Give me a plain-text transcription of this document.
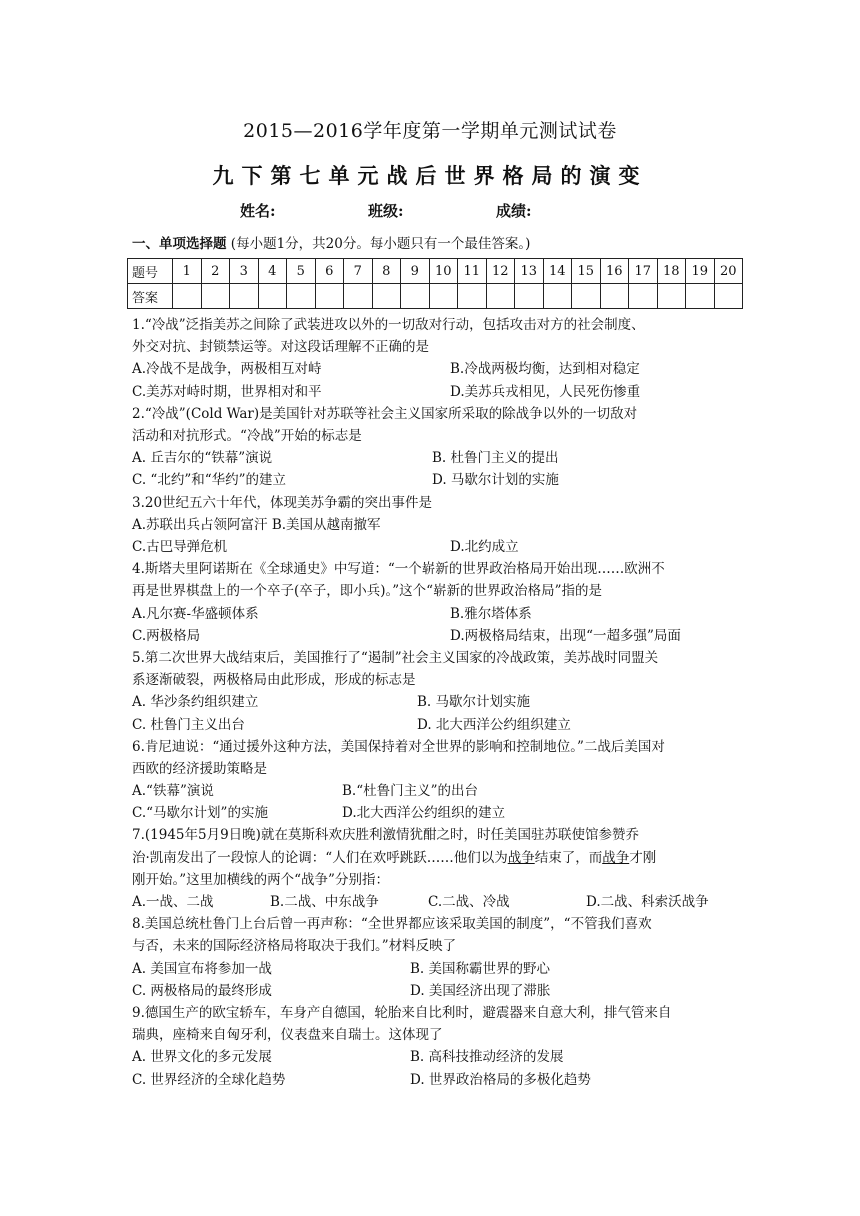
2015—2016学年度第一学期单元测试试卷
九下第七单元战后世界格局的演变
姓名:	班级:	成绩:
一、单项选择题 (每小题1分，共20分。每小题只有一个最佳答案。)
题号	1	2	3	4	5	6	7	8	9	10	11	12	13	14	15	16	17	18	19	20
答案																				

1.“冷战”泛指美苏之间除了武装进攻以外的一切敌对行动，包括攻击对方的社会制度、

外交对抗、封锁禁运等。对这段话理解不正确的是

A.冷战不是战争，两极相互对峙	B.冷战两极均衡，达到相对稳定
C.美苏对峙时期，世界相对和平	D.美苏兵戎相见，人民死伤惨重

2.“冷战”(Cold War)是美国针对苏联等社会主义国家所采取的除战争以外的一切敌对

活动和对抗形式。“冷战”开始的标志是

A. 丘吉尔的“铁幕”演说	B. 杜鲁门主义的提出
C. “北约”和“华约”的建立	D. 马歇尔计划的实施

3.20世纪五六十年代，体现美苏争霸的突出事件是

A.苏联出兵占领阿富汗 B.美国从越南撤军
C.古巴导弹危机	D.北约成立

4.斯塔夫里阿诺斯在《全球通史》中写道：“一个崭新的世界政治格局开始出现……欧洲不

再是世界棋盘上的一个卒子(卒子，即小兵)。”这个“崭新的世界政治格局”指的是

A.凡尔赛-华盛顿体系	B.雅尔塔体系
C.两极格局	D.两极格局结束，出现“一超多强”局面

5.第二次世界大战结束后，美国推行了“遏制”社会主义国家的冷战政策，美苏战时同盟关

系逐渐破裂，两极格局由此形成，形成的标志是

A. 华沙条约组织建立	B. 马歇尔计划实施
C. 杜鲁门主义出台	D. 北大西洋公约组织建立

6.肯尼迪说：“通过援外这种方法，美国保持着对全世界的影响和控制地位。”二战后美国对

西欧的经济援助策略是

A.“铁幕”演说	B.“杜鲁门主义”的出台
C.“马歇尔计划”的实施	D.北大西洋公约组织的建立

7.(1945年5月9日晚)就在莫斯科欢庆胜利激情犹酣之时，时任美国驻苏联使馆参赞乔

治·凯南发出了一段惊人的论调：“人们在欢呼跳跃……他们以为战争结束了，而战争才刚

刚开始。”这里加横线的两个“战争”分别指：

A.一战、二战	B.二战、中东战争	C.二战、冷战	D.二战、科索沃战争

8.美国总统杜鲁门上台后曾一再声称：“全世界都应该采取美国的制度”，“不管我们喜欢

与否，未来的国际经济格局将取决于我们。”材料反映了

A. 美国宣布将参加一战	B. 美国称霸世界的野心
C. 两极格局的最终形成	D. 美国经济出现了滞胀

9.德国生产的欧宝轿车，车身产自德国，轮胎来自比利时，避震器来自意大利，排气管来自

瑞典，座椅来自匈牙利，仪表盘来自瑞士。这体现了

A. 世界文化的多元发展	B. 高科技推动经济的发展
C. 世界经济的全球化趋势	D. 世界政治格局的多极化趋势
